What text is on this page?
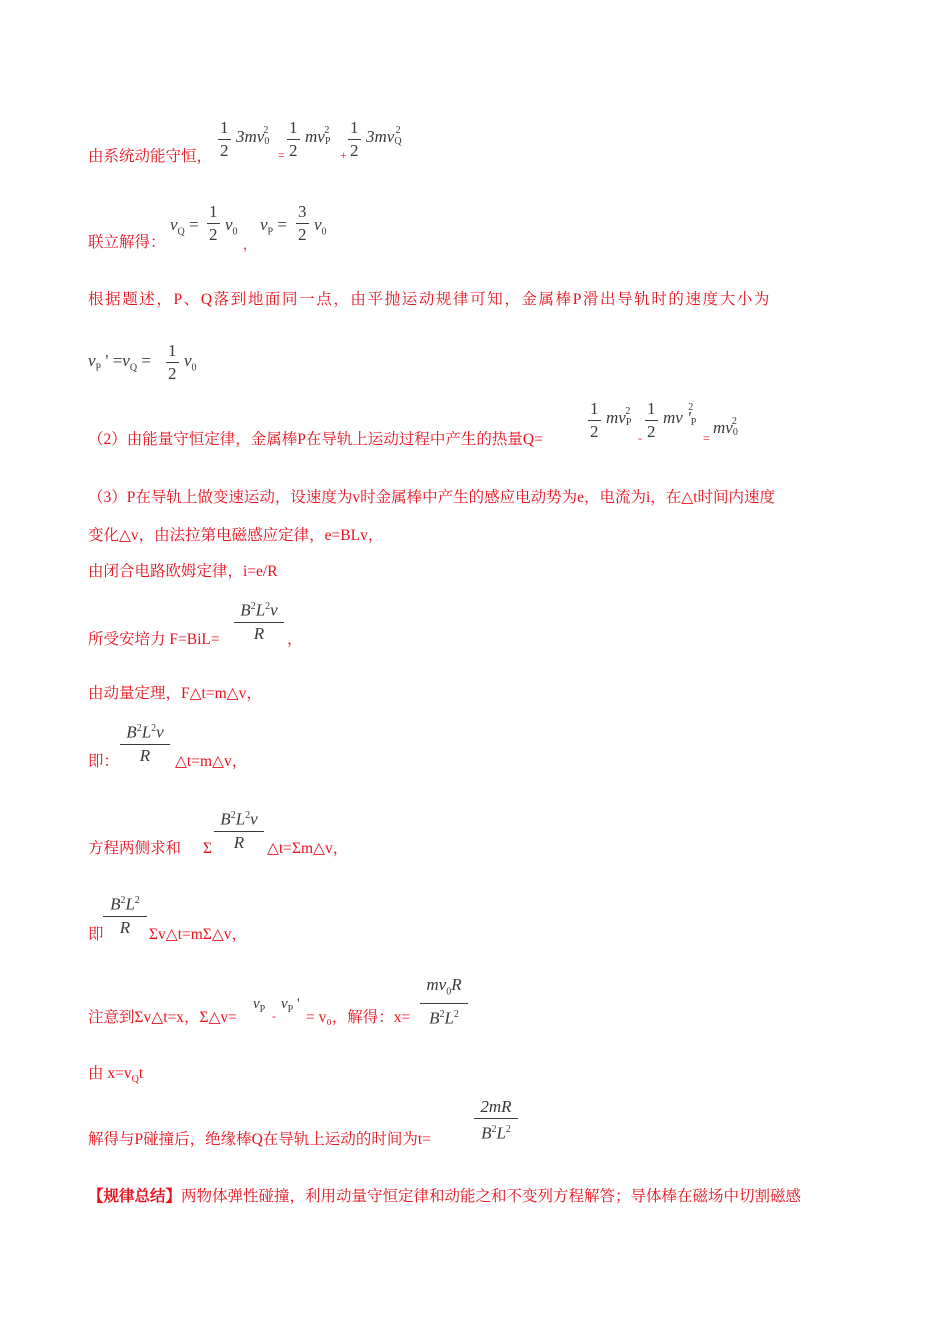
由系统动能守恒，
1
2
$3mv_0^2$
=
1
2
$mv_P^2$
+
1
2
$3mv_Q^2$
联立解得：
$v_Q$ =
1
2
$v_0$
，
$v_P$ =
3
2
$v_0$
根据题述，P、Q落到地面同一点，由平抛运动规律可知，金属棒P滑出导轨时的速度大小为
$v_P$ ' $=v_Q$ =
1
2
$v_0$
（2）由能量守恒定律，金属棒P在导轨上运动过程中产生的热量Q=
1
2
$mv_P^2$
-
1
2
mv '$_P^2$
=
$mv_0^2$
（3）P在导轨上做变速运动，设速度为v时金属棒中产生的感应电动势为e，电流为i，在△t时间内速度
变化△v，由法拉第电磁感应定律，e=BLv，
由闭合电路欧姆定律，i=e/R
所受安培力 F=BiL=
$B^2L^2v$
R	，
由动量定理，F△t=m△v，
即：
$B^2L^2v$
R	△t=m△v，
方程两侧求和 Σ
$B^2L^2v$
R	△t=Σm△v，
即
$B^2L^2$
R	Σv△t=mΣ△v，
注意到Σv△t=x，Σ△v=
$v_P$ -
$v_P$ '
= v₀，解得：x=
$mv_0R$
$B^2L^2$
由 $x=v_Qt$
解得与P碰撞后，绝缘棒Q在导轨上运动的时间为t=
2mR
$B^2L^2$
【规律总结】两物体弹性碰撞，利用动量守恒定律和动能之和不变列方程解答；导体棒在磁场中切割磁感
